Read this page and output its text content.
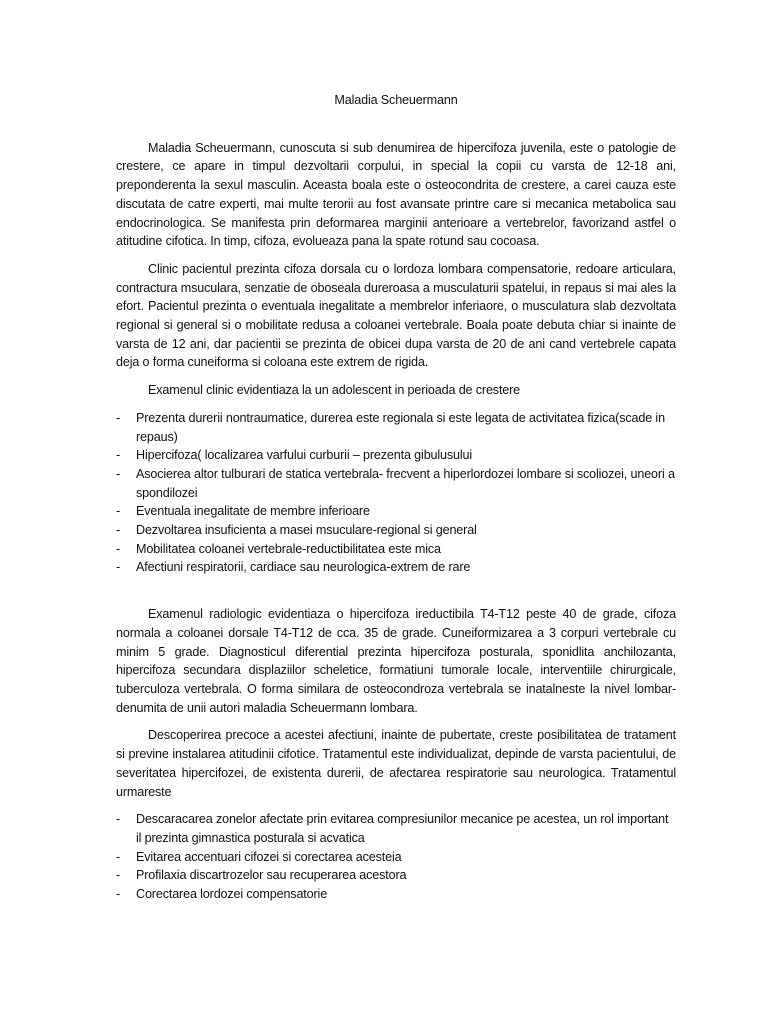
Maladia Scheuermann

Maladia Scheuermann, cunoscuta si sub denumirea de hipercifoza juvenila, este o patologie de crestere, ce apare in timpul dezvoltarii corpului, in special la copii cu varsta de 12-18 ani, preponderenta la sexul masculin. Aceasta boala este o osteocondrita de crestere, a carei cauza este discutata de catre experti, mai multe terorii au fost avansate printre care si mecanica metabolica sau endocrinologica. Se manifesta prin deformarea marginii anterioare a vertebrelor, favorizand astfel o atitudine cifotica. In timp, cifoza, evolueaza pana la spate rotund sau cocoasa.

Clinic pacientul prezinta cifoza dorsala cu o lordoza lombara compensatorie, redoare articulara, contractura msuculara, senzatie de oboseala dureroasa a musculaturii spatelui, in repaus si mai ales la efort. Pacientul prezinta o eventuala inegalitate a membrelor inferiaore, o musculatura slab dezvoltata regional si general si o mobilitate redusa a coloanei vertebrale. Boala poate debuta chiar si inainte de varsta de 12 ani, dar pacientii se prezinta de obicei dupa varsta de 20 de ani cand vertebrele capata deja o forma cuneiforma si coloana este extrem de rigida.

Examenul clinic evidentiaza la un adolescent in perioada de crestere

- Prezenta durerii nontraumatice, durerea este regionala si este legata de activitatea fizica(scade in repaus)
- Hipercifoza( localizarea varfului curburii – prezenta gibulusului
- Asocierea altor tulburari de statica vertebrala- frecvent a hiperlordozei lombare si scoliozei, uneori a spondilozei
- Eventuala inegalitate de membre inferioare
- Dezvoltarea insuficienta a masei msuculare-regional si general
- Mobilitatea coloanei vertebrale-reductibilitatea este mica
- Afectiuni respiratorii, cardiace sau neurologica-extrem de rare

Examenul radiologic evidentiaza o hipercifoza ireductibila T4-T12 peste 40 de grade, cifoza normala a coloanei dorsale T4-T12 de cca. 35 de grade. Cuneiformizarea a 3 corpuri vertebrale cu minim 5 grade. Diagnosticul diferential prezinta hipercifoza posturala, sponidlita anchilozanta, hipercifoza secundara displaziilor scheletice, formatiuni tumorale locale, interventiile chirurgicale, tuberculoza vertebrala. O forma similara de osteocondroza vertebrala se inatalneste la nivel lombar- denumita de unii autori maladia Scheuermann lombara.

Descoperirea precoce a acestei afectiuni, inainte de pubertate, creste posibilitatea de tratament si previne instalarea atitudinii cifotice. Tratamentul este individualizat, depinde de varsta pacientului, de severitatea hipercifozei, de existenta durerii, de afectarea respiratorie sau neurologica. Tratamentul urmareste

- Descaracarea zonelor afectate prin evitarea compresiunilor mecanice pe acestea, un rol important il prezinta gimnastica posturala si acvatica
- Evitarea accentuari cifozei si corectarea acesteia
- Profilaxia discartrozelor sau recuperarea acestora
- Corectarea lordozei compensatorie
